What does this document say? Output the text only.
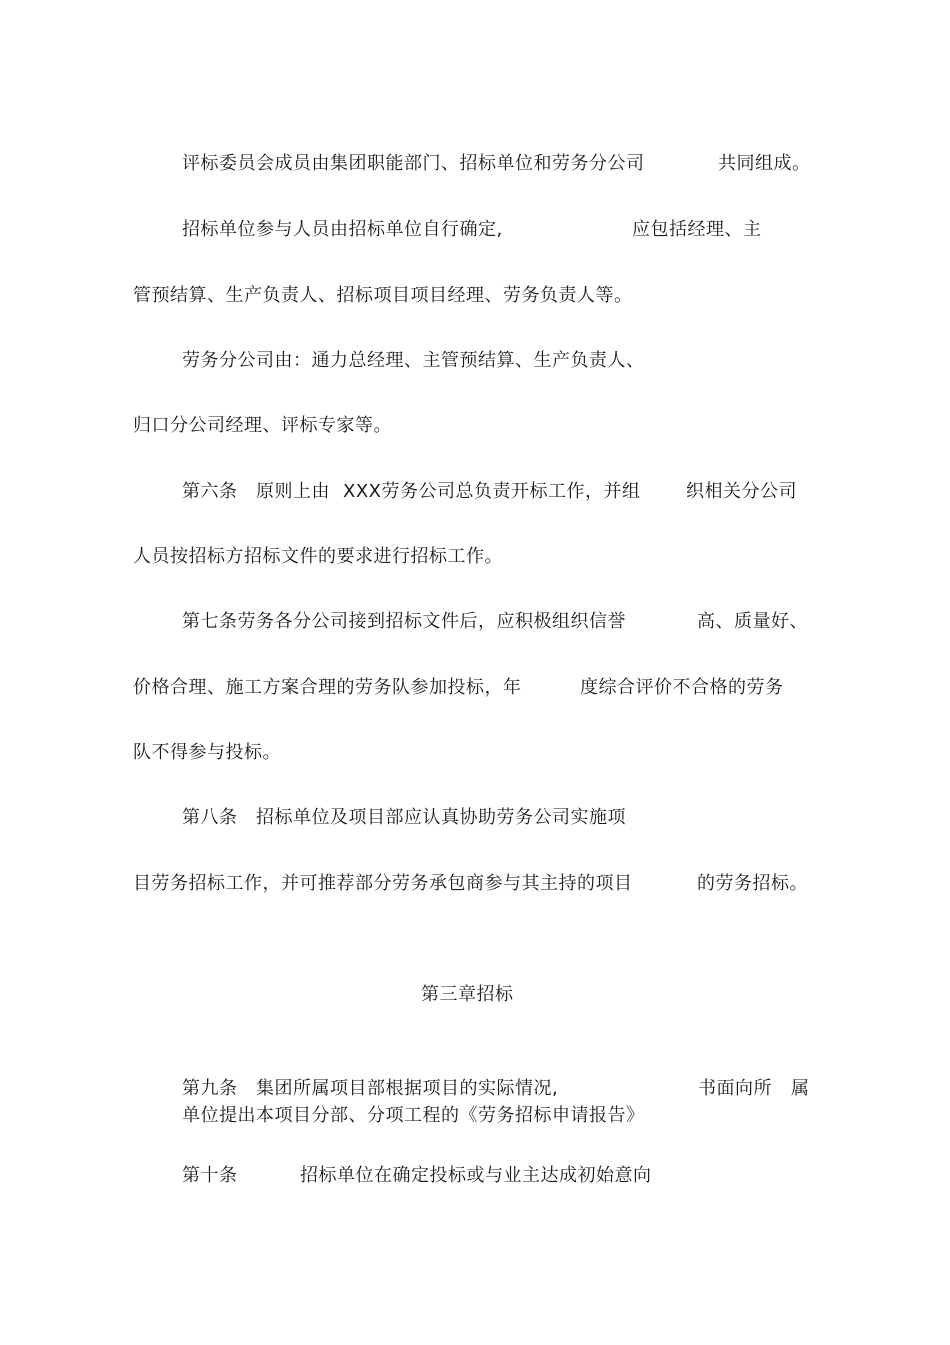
评标委员会成员由集团职能部门、招标单位和劳务分公司	共同组成。
招标单位参与人员由招标单位自行确定,	应包括经理、主
管预结算、生产负责人、招标项目项目经理、劳务负责人等。
劳务分公司由：通力总经理、主管预结算、生产负责人、
归口分公司经理、评标专家等。
第六条 原则上由 XXX劳务公司总负责开标工作，并组	织相关分公司
人员按招标方招标文件的要求进行招标工作。
第七条劳务各分公司接到招标文件后，应积极组织信誉	高、质量好、
价格合理、施工方案合理的劳务队参加投标，年	度综合评价不合格的劳务
队不得参与投标。
第八条 招标单位及项目部应认真协助劳务公司实施项
目劳务招标工作，并可推荐部分劳务承包商参与其主持的项目	的劳务招标。
第三章招标
第九条 集团所属项目部根据项目的实际情况,	书面向所 属
单位提出本项目分部、分项工程的《劳务招标申请报告》
第十条	招标单位在确定投标或与业主达成初始意向
